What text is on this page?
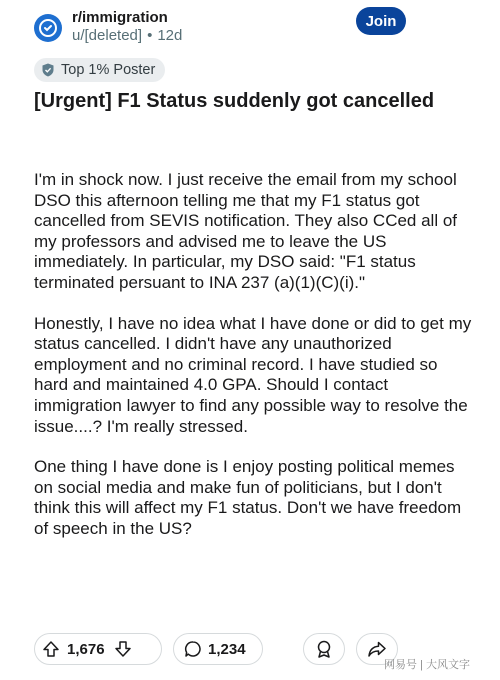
r/immigration
u/[deleted] • 12d
Join
Top 1% Poster
[Urgent] F1 Status suddenly got cancelled

I'm in shock now. I just receive the email from my school DSO this afternoon telling me that my F1 status got cancelled from SEVIS notification. They also CCed all of my professors and advised me to leave the US immediately. In particular, my DSO said: "F1 status terminated persuant to INA 237 (a)(1)(C)(i)."

Honestly, I have no idea what I have done or did to get my status cancelled. I didn't have any unauthorized employment and no criminal record. I have studied so hard and maintained 4.0 GPA. Should I contact immigration lawyer to find any possible way to resolve the issue....? I'm really stressed.

One thing I have done is I enjoy posting political memes on social media and make fun of politicians, but I don't think this will affect my F1 status. Don't we have freedom of speech in the US?

1,676	1,234
网易号 | 大风文字
